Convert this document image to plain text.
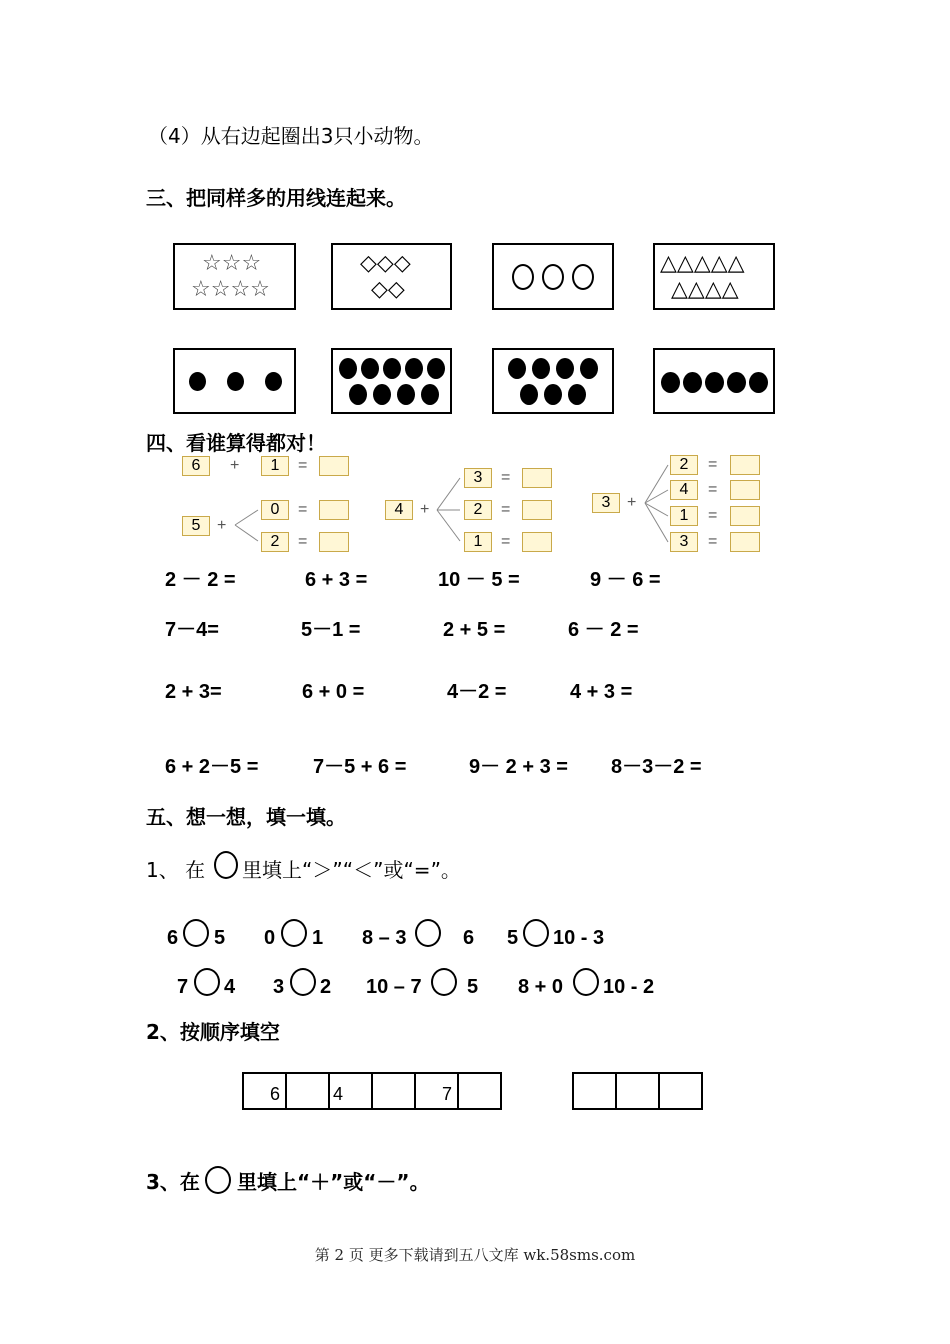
（4）从右边起圈出3只小动物。
三、把同样多的用线连起来。
☆☆☆
☆☆☆☆
◇◇◇
◇◇
△△△△△
△△△△
四、看谁算得都对！
6	+	1	=
5	+
0	=
2	=
4	+
3	=
2	=
1	=
3	+
2	=
4	=
1	=
3	=
2 － 2 =	6 + 3 =	10 － 5 =	9 － 6 =
7－4=	5－1 =	2 + 5 =	6 － 2 =
2 + 3=	6 + 0 =	4－2 =	4 + 3 =
6 + 2－5 =	7－5 + 6 =	9－ 2 + 3 = 8－3－2 =
五、想一想，填一填。
1、 在 里填上“＞”“＜”或“=”。
6 5 0 1 8 – 3	6 5 10 - 3
7 4 3 2 10 – 7 5 8 + 0 10 - 2
2、按顺序填空
6	4	7
3、在 里填上“＋”或“－”。
第 2 页 更多下载请到五八文库 wk.58sms.com
